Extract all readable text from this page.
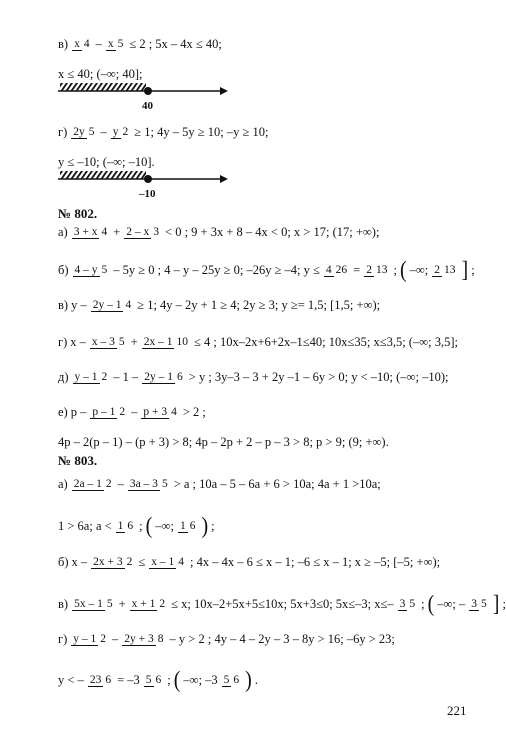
в) x 4 – x 5 ≤ 2 ; 5x – 4x ≤ 40;
x ≤ 40; (–∞; 40];
40
г) 2y 5 – y 2 ≥ 1; 4y – 5y ≥ 10; –y ≥ 10;
y ≤ –10; (–∞; –10].
–10
№ 802.
а) 3 + x 4 + 2 – x 3 < 0 ; 9 + 3x + 8 – 4x < 0; x > 17; (17; +∞);
б) 4 – y 5 – 5y ≥ 0 ; 4 – y – 25y ≥ 0; –26y ≥ –4; y ≤ 4 26 = 2 13 ; ( –∞; 2 13 ] ;
в) y – 2y – 1 4 ≥ 1; 4y – 2y + 1 ≥ 4; 2y ≥ 3; y ≥= 1,5; [1,5; +∞);
г) x – x – 3 5 + 2x – 1 10 ≤ 4 ; 10x–2x+6+2x–1≤40; 10x≤35; x≤3,5; (–∞; 3,5];
д) y – 1 2 – 1 – 2y – 1 6 > y ; 3y–3 – 3 + 2y –1 – 6y > 0; y < –10; (–∞; –10);
е) p – p – 1 2 – p + 3 4 > 2 ;
4p – 2(p – 1) – (p + 3) > 8; 4p – 2p + 2 – p – 3 > 8; p > 9; (9; +∞).
№ 803.
а) 2a – 1 2 – 3a – 3 5 > a ; 10a – 5 – 6a + 6 > 10a; 4a + 1 >10a;
1 > 6a; a < 1 6 ; ( –∞; 1 6 ) ;
б) x – 2x + 3 2 ≤ x – 1 4 ; 4x – 4x – 6 ≤ x – 1; –6 ≤ x – 1; x ≥ –5; [–5; +∞);
в) 5x – 1 5 + x + 1 2 ≤ x; 10x–2+5x+5≤10x; 5x+3≤0; 5x≤–3; x≤– 3 5 ; ( –∞; – 3 5 ] ;
г) y – 1 2 – 2y + 3 8 – y > 2 ; 4y – 4 – 2y – 3 – 8y > 16; –6y > 23;
y < – 23 6 = –3 5 6 ; ( –∞; –3 5 6 ) .
221
